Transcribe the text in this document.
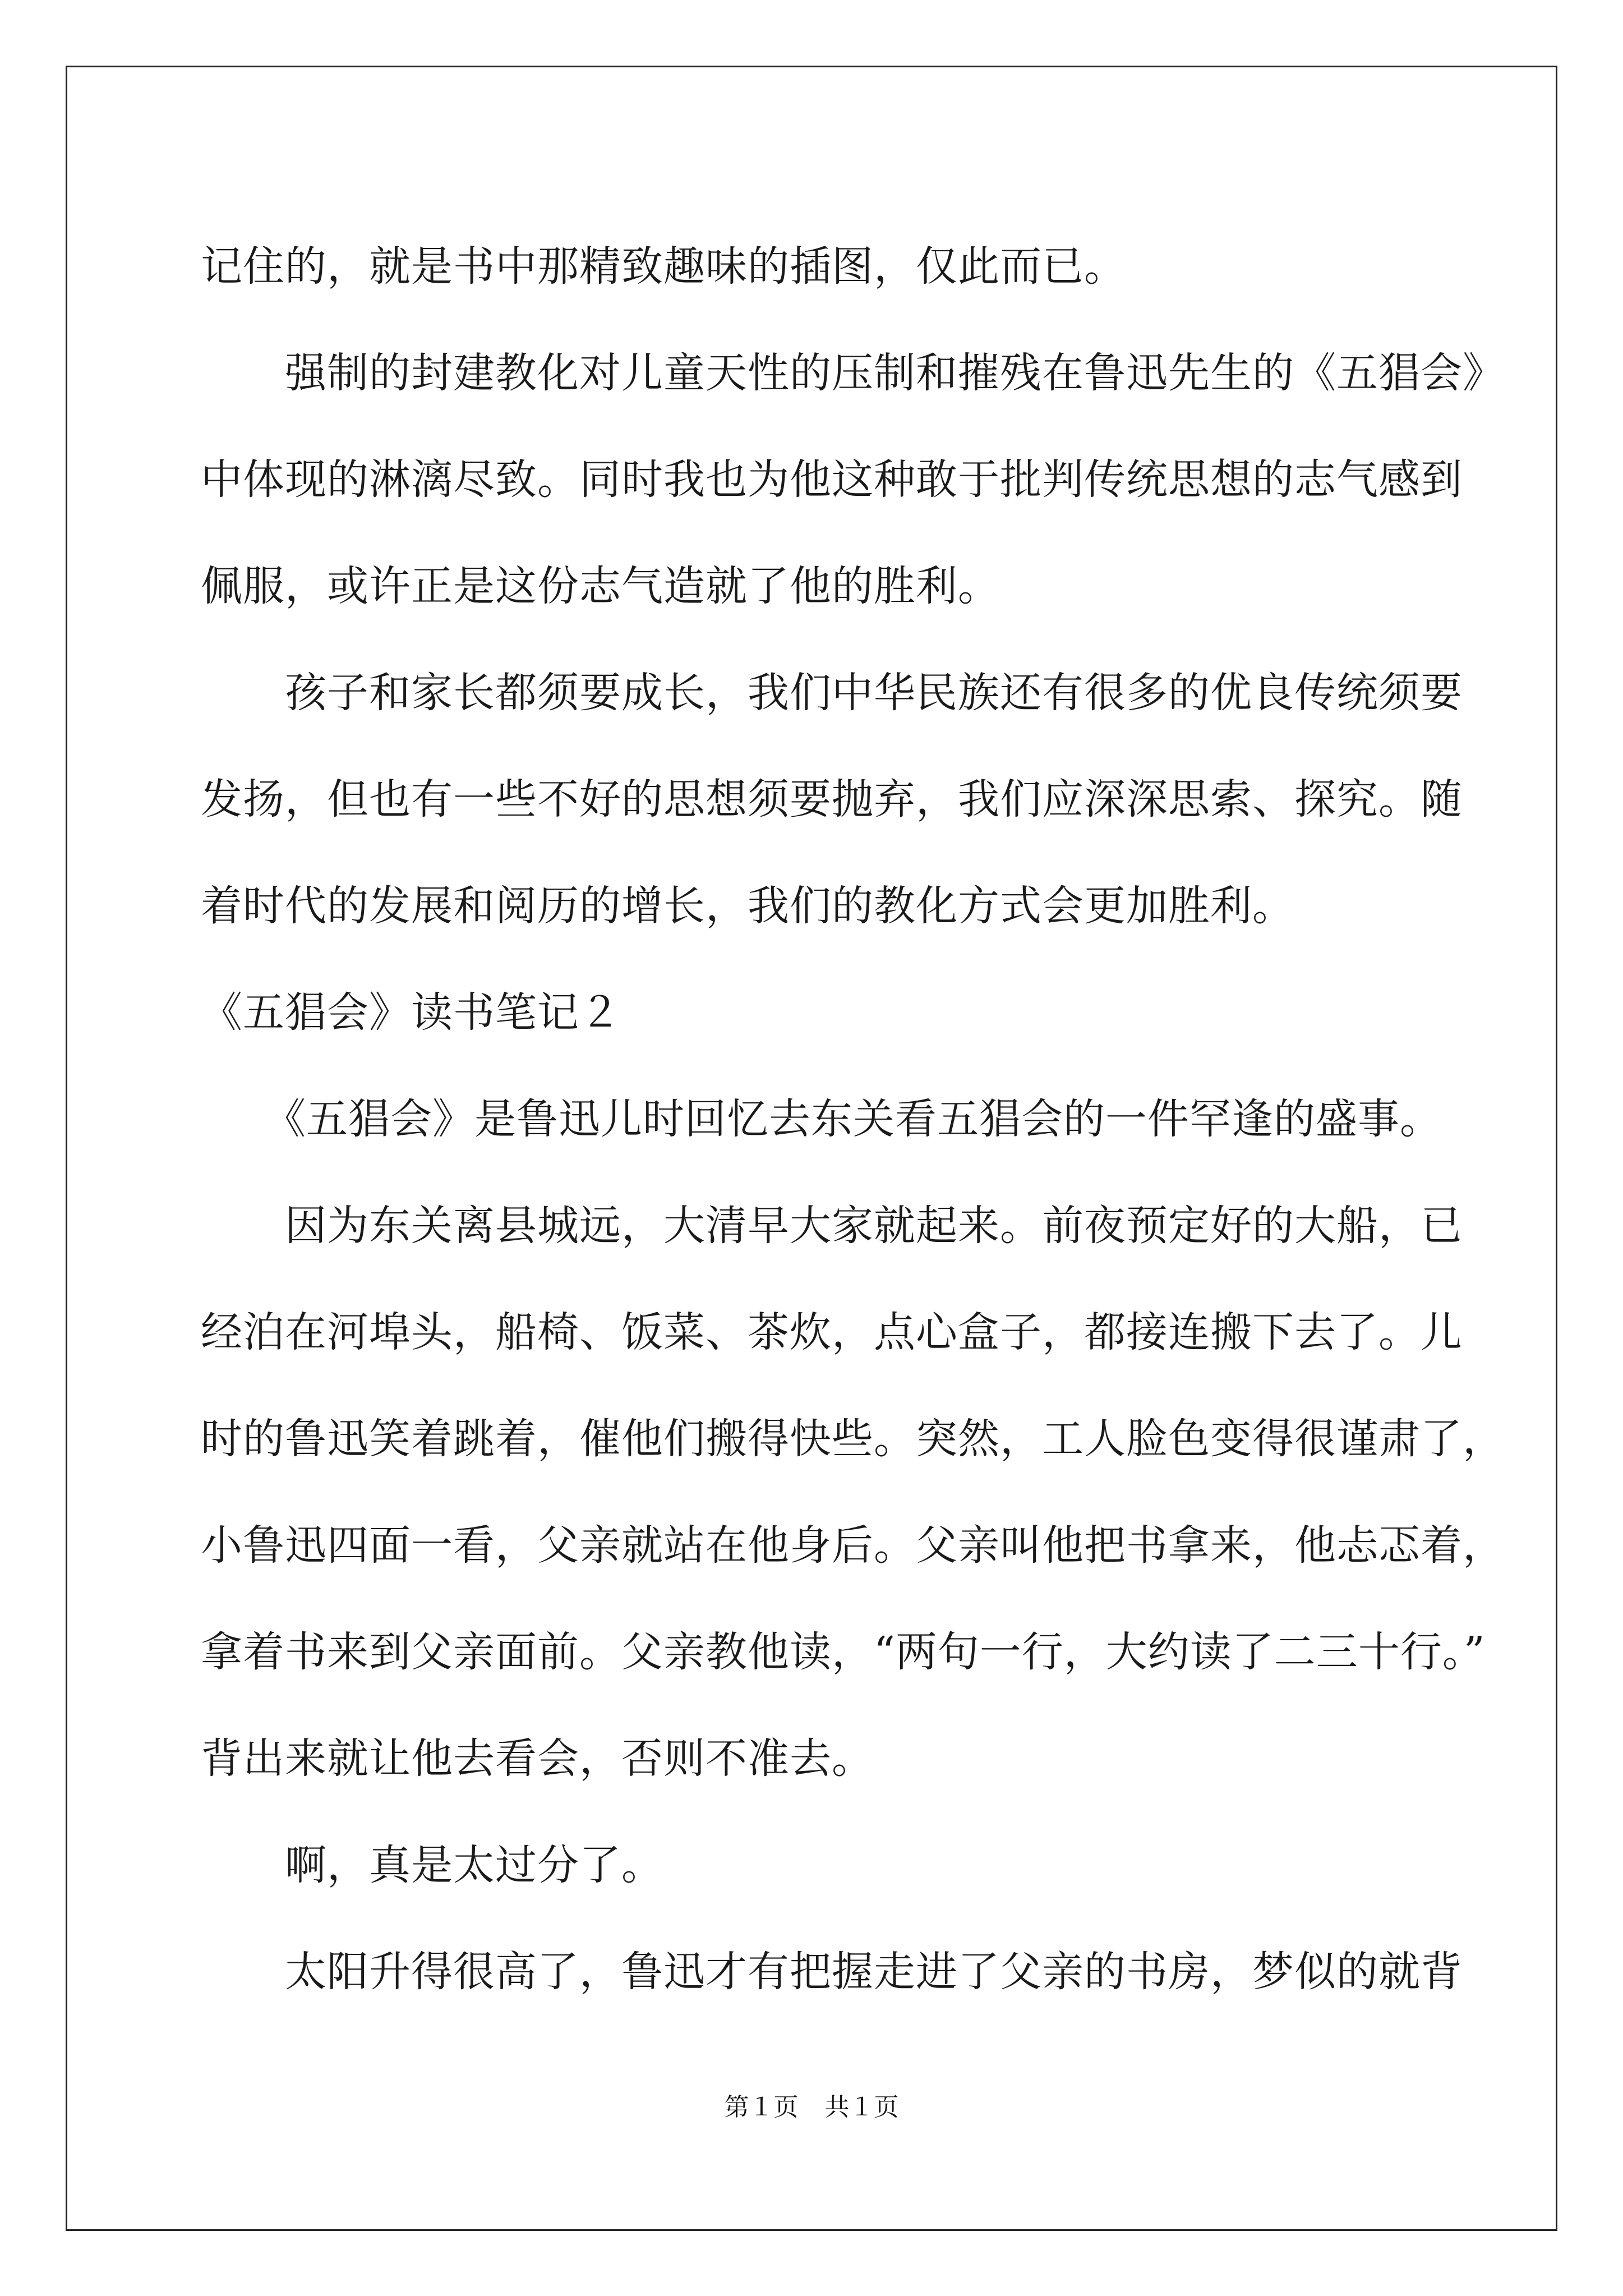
记住的，就是书中那精致趣味的插图，仅此而已。
　　强制的封建教化对儿童天性的压制和摧残在鲁迅先生的《五猖会》
中体现的淋漓尽致。同时我也为他这种敢于批判传统思想的志气感到
佩服，或许正是这份志气造就了他的胜利。
　　孩子和家长都须要成长，我们中华民族还有很多的优良传统须要
发扬，但也有一些不好的思想须要抛弃，我们应深深思索、探究。随
着时代的发展和阅历的增长，我们的教化方式会更加胜利。
《五猖会》读书笔记２
　　《五猖会》是鲁迅儿时回忆去东关看五猖会的一件罕逢的盛事。
　　因为东关离县城远，大清早大家就起来。前夜预定好的大船，已
经泊在河埠头，船椅、饭菜、茶炊，点心盒子，都接连搬下去了。儿
时的鲁迅笑着跳着，催他们搬得快些。突然，工人脸色变得很谨肃了，
小鲁迅四面一看，父亲就站在他身后。父亲叫他把书拿来，他忐忑着，
拿着书来到父亲面前。父亲教他读，“两句一行，大约读了二三十行。”
背出来就让他去看会，否则不准去。
　　啊，真是太过分了。
　　太阳升得很高了，鲁迅才有把握走进了父亲的书房，梦似的就背
第１页 共１页
